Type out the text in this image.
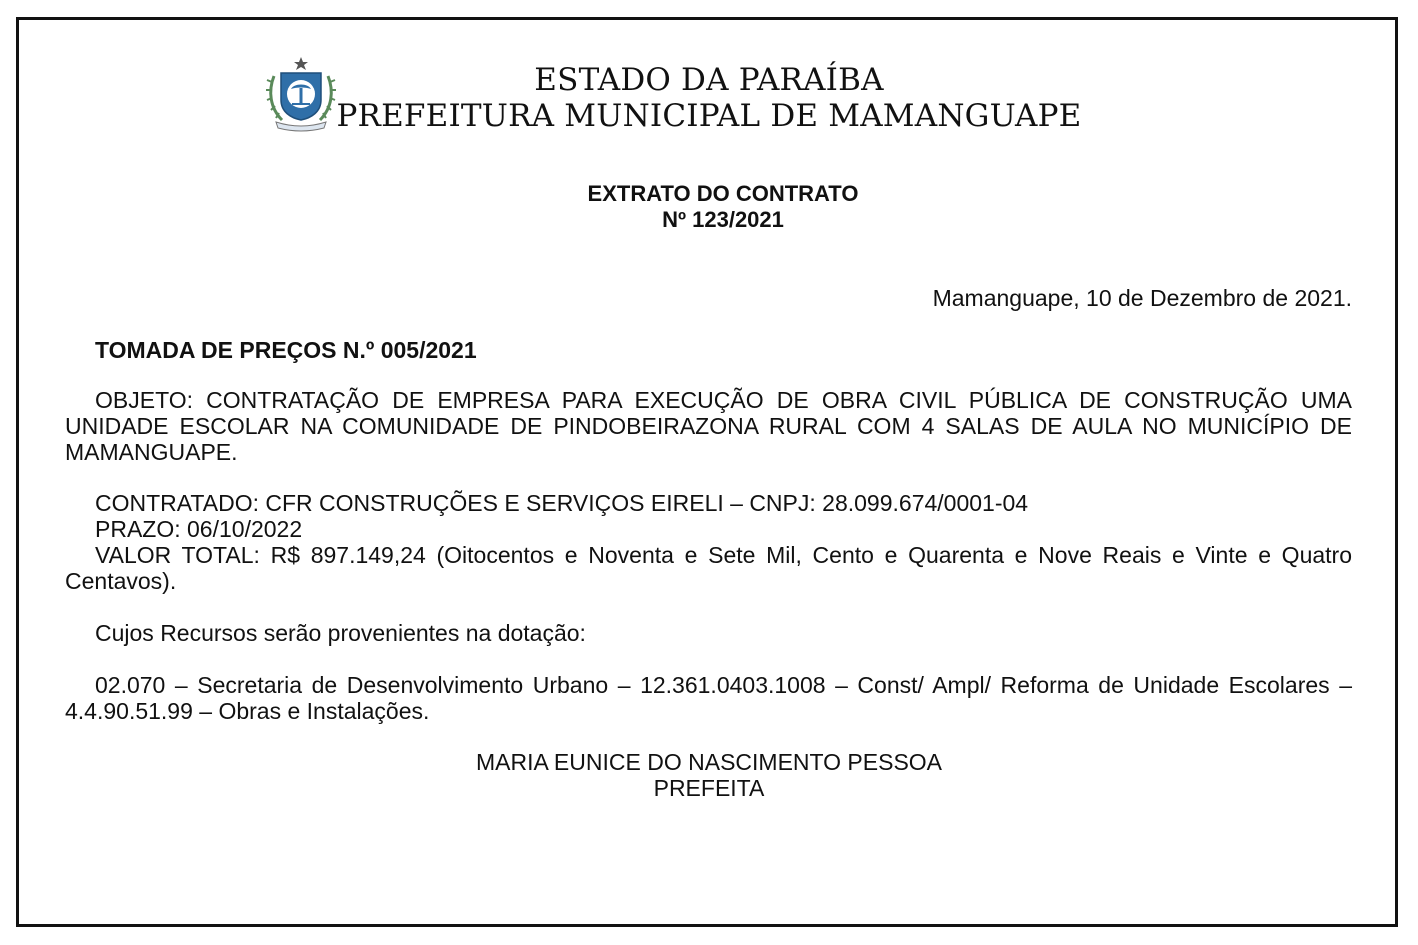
ESTADO DA PARAÍBA
PREFEITURA MUNICIPAL DE MAMANGUAPE
EXTRATO DO CONTRATO
Nº 123/2021

Mamanguape, 10 de Dezembro de 2021.

TOMADA DE PREÇOS N.º 005/2021

OBJETO: CONTRATAÇÃO DE EMPRESA PARA EXECUÇÃO DE OBRA CIVIL PÚBLICA DE CONSTRUÇÃO UMA UNIDADE ESCOLAR NA COMUNIDADE DE PINDOBEIRAZONA RURAL COM 4 SALAS DE AULA NO MUNICÍPIO DE MAMANGUAPE.

CONTRATADO: CFR CONSTRUÇÕES E SERVIÇOS EIRELI – CNPJ: 28.099.674/0001-04

PRAZO: 06/10/2022

VALOR TOTAL: R$ 897.149,24 (Oitocentos e Noventa e Sete Mil, Cento e Quarenta e Nove Reais e Vinte e Quatro Centavos).

Cujos Recursos serão provenientes na dotação:

02.070 – Secretaria de Desenvolvimento Urbano – 12.361.0403.1008 – Const/ Ampl/ Reforma de Unidade Escolares – 4.4.90.51.99 – Obras e Instalações.

MARIA EUNICE DO NASCIMENTO PESSOA
PREFEITA
